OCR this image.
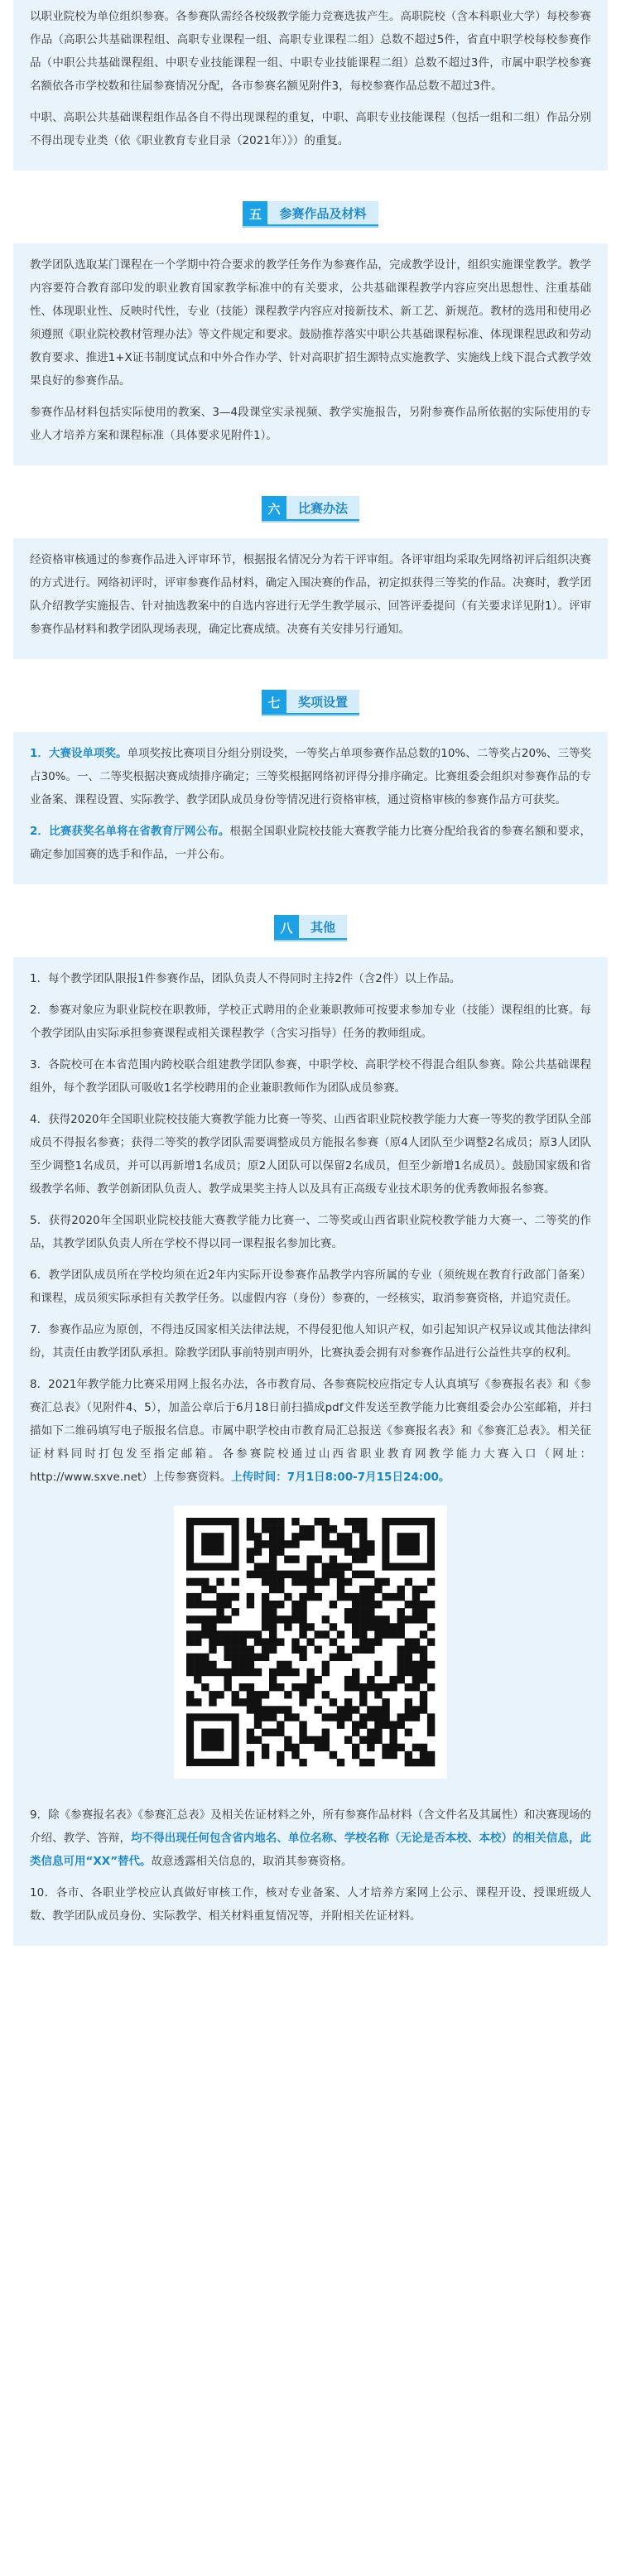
以职业院校为单位组织参赛。各参赛队需经各校级教学能力竞赛选拔产生。高职院校（含本科职业大学）每校参赛作品（高职公共基础课程组、高职专业课程一组、高职专业课程二组）总数不超过5件，省直中职学校每校参赛作品（中职公共基础课程组、中职专业技能课程一组、中职专业技能课程二组）总数不超过3件，市属中职学校参赛名额依各市学校数和往届参赛情况分配，各市参赛名额见附件3，每校参赛作品总数不超过3件。

中职、高职公共基础课程组作品各自不得出现课程的重复，中职、高职专业技能课程（包括一组和二组）作品分别不得出现专业类（依《职业教育专业目录（2021年）》）的重复。

五	参赛作品及材料

教学团队选取某门课程在一个学期中符合要求的教学任务作为参赛作品，完成教学设计，组织实施课堂教学。教学内容要符合教育部印发的职业教育国家教学标准中的有关要求，公共基础课程教学内容应突出思想性、注重基础性、体现职业性、反映时代性，专业（技能）课程教学内容应对接新技术、新工艺、新规范。教材的选用和使用必须遵照《职业院校教材管理办法》等文件规定和要求。鼓励推荐落实中职公共基础课程标准、体现课程思政和劳动教育要求、推进1+X证书制度试点和中外合作办学、针对高职扩招生源特点实施教学、实施线上线下混合式教学效果良好的参赛作品。

参赛作品材料包括实际使用的教案、3—4段课堂实录视频、教学实施报告，另附参赛作品所依据的实际使用的专业人才培养方案和课程标准（具体要求见附件1）。

六	比赛办法

经资格审核通过的参赛作品进入评审环节，根据报名情况分为若干评审组。各评审组均采取先网络初评后组织决赛的方式进行。网络初评时，评审参赛作品材料，确定入围决赛的作品，初定拟获得三等奖的作品。决赛时，教学团队介绍教学实施报告、针对抽选教案中的自选内容进行无学生教学展示、回答评委提问（有关要求详见附1）。评审参赛作品材料和教学团队现场表现，确定比赛成绩。决赛有关安排另行通知。

七	奖项设置

1．大赛设单项奖。单项奖按比赛项目分组分别设奖，一等奖占单项参赛作品总数的10%、二等奖占20%、三等奖占30%。一、二等奖根据决赛成绩排序确定；三等奖根据网络初评得分排序确定。比赛组委会组织对参赛作品的专业备案、课程设置、实际教学、教学团队成员身份等情况进行资格审核，通过资格审核的参赛作品方可获奖。

2．比赛获奖名单将在省教育厅网公布。根据全国职业院校技能大赛教学能力比赛分配给我省的参赛名额和要求，确定参加国赛的选手和作品，一并公布。

八	其他

1．每个教学团队限报1件参赛作品，团队负责人不得同时主持2件（含2件）以上作品。

2．参赛对象应为职业院校在职教师，学校正式聘用的企业兼职教师可按要求参加专业（技能）课程组的比赛。每个教学团队由实际承担参赛课程或相关课程教学（含实习指导）任务的教师组成。

3．各院校可在本省范围内跨校联合组建教学团队参赛，中职学校、高职学校不得混合组队参赛。除公共基础课程组外，每个教学团队可吸收1名学校聘用的企业兼职教师作为团队成员参赛。

4．获得2020年全国职业院校技能大赛教学能力比赛一等奖、山西省职业院校教学能力大赛一等奖的教学团队全部成员不得报名参赛；获得二等奖的教学团队需要调整成员方能报名参赛（原4人团队至少调整2名成员；原3人团队至少调整1名成员，并可以再新增1名成员；原2人团队可以保留2名成员，但至少新增1名成员）。鼓励国家级和省级教学名师、教学创新团队负责人、教学成果奖主持人以及具有正高级专业技术职务的优秀教师报名参赛。

5．获得2020年全国职业院校技能大赛教学能力比赛一、二等奖或山西省职业院校教学能力大赛一、二等奖的作品，其教学团队负责人所在学校不得以同一课程报名参加比赛。

6．教学团队成员所在学校均须在近2年内实际开设参赛作品教学内容所属的专业（须统规在教育行政部门备案）和课程，成员须实际承担有关教学任务。以虚假内容（身份）参赛的，一经核实，取消参赛资格，并追究责任。

7．参赛作品应为原创，不得违反国家相关法律法规，不得侵犯他人知识产权，如引起知识产权异议或其他法律纠纷，其责任由教学团队承担。除教学团队事前特别声明外，比赛执委会拥有对参赛作品进行公益性共享的权利。

8．2021年教学能力比赛采用网上报名办法，各市教育局、各参赛院校应指定专人认真填写《参赛报名表》和《参赛汇总表》（见附件4、5），加盖公章后于6月18日前扫描成pdf文件发送至教学能力比赛组委会办公室邮箱，并扫描如下二维码填写电子版报名信息。市属中职学校由市教育局汇总报送《参赛报名表》和《参赛汇总表》。相关征证材料同时打包发至指定邮箱。各参赛院校通过山西省职业教育网教学能力大赛入口（网址：http://www.sxve.net）上传参赛资料。上传时间：7月1日8:00-7月15日24:00。

9．除《参赛报名表》《参赛汇总表》及相关佐证材料之外，所有参赛作品材料（含文件名及其属性）和决赛现场的介绍、教学、答辩，均不得出现任何包含省内地名、单位名称、学校名称（无论是否本校、本校）的相关信息，此类信息可用“XX”替代。故意透露相关信息的，取消其参赛资格。

10．各市、各职业学校应认真做好审核工作，核对专业备案、人才培养方案网上公示、课程开设、授课班级人数、教学团队成员身份、实际教学、相关材料重复情况等，并附相关佐证材料。
